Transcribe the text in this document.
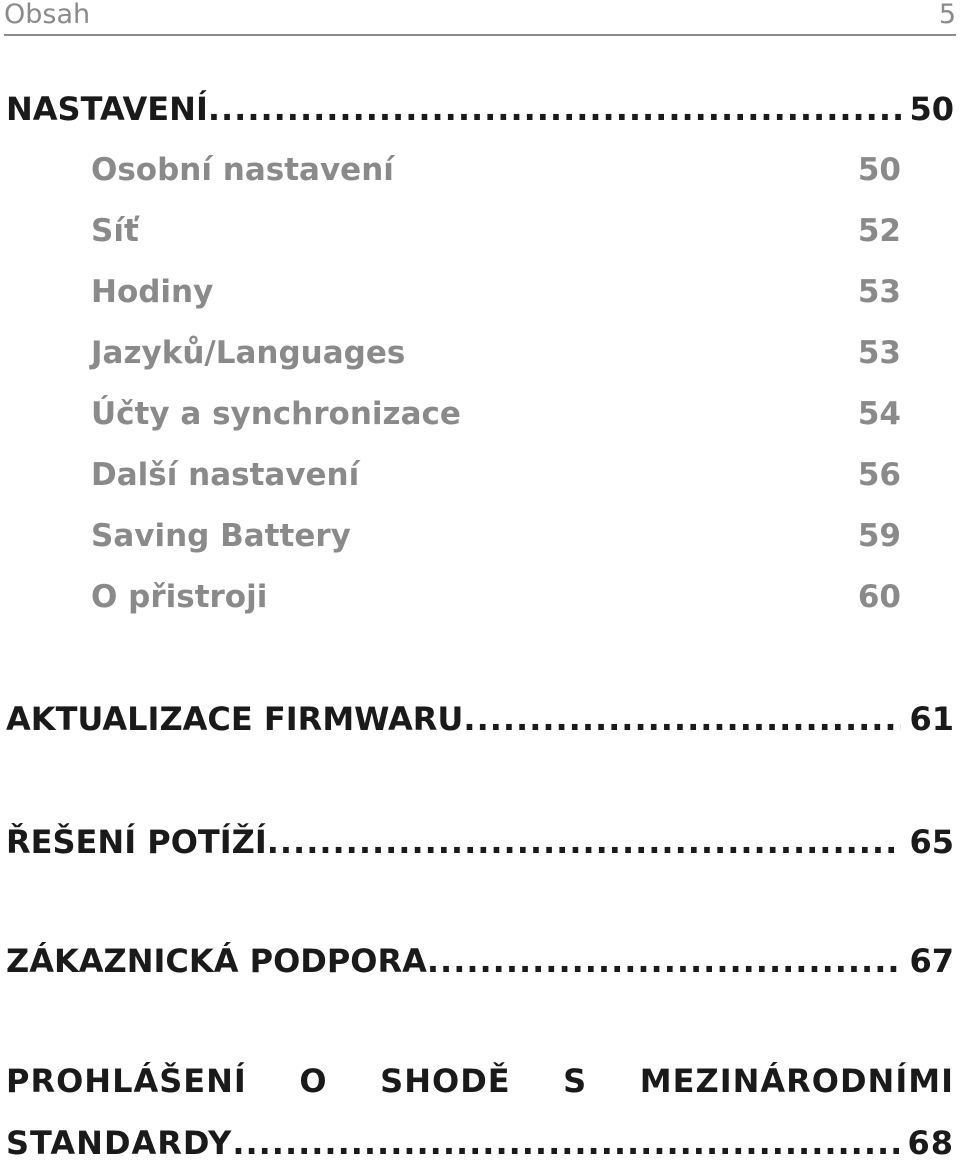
Obsah	5
NASTAVENÍ .....	50
Osobní nastavení	50
Síť	52
Hodiny	53
Jazyků/Languages	53
Účty a synchronizace	54
Další nastavení	56
Saving Battery	59
O přistroji	60
AKTUALIZACE FIRMWARU .....	61
ŘEŠENÍ POTÍŽÍ .....	65
ZÁKAZNICKÁ PODPORA .....	67
PROHLÁŠENÍ O SHODĚ S MEZINÁRODNÍMI
STANDARDY .....	68
